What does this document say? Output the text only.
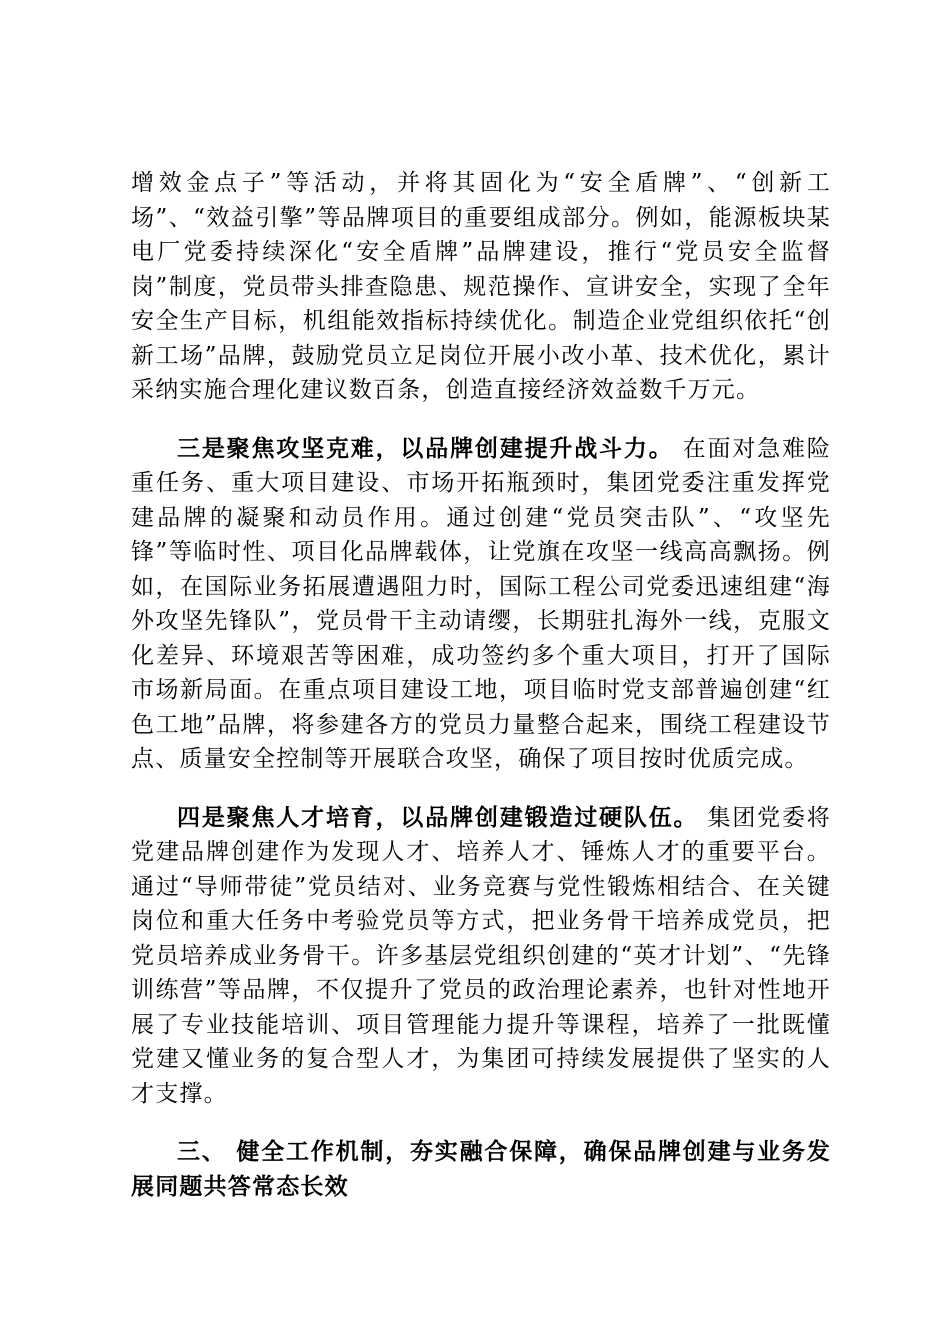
增效金点子”等活动，并将其固化为“安全盾牌”、“创新工场”、“效益引擎”等品牌项目的重要组成部分。例如，能源板块某电厂党委持续深化“安全盾牌”品牌建设，推行“党员安全监督岗”制度，党员带头排查隐患、规范操作、宣讲安全，实现了全年安全生产目标，机组能效指标持续优化。制造企业党组织依托“创新工场”品牌，鼓励党员立足岗位开展小改小革、技术优化，累计采纳实施合理化建议数百条，创造直接经济效益数千万元。

三是聚焦攻坚克难，以品牌创建提升战斗力。 在面对急难险重任务、重大项目建设、市场开拓瓶颈时，集团党委注重发挥党建品牌的凝聚和动员作用。通过创建“党员突击队”、“攻坚先锋”等临时性、项目化品牌载体，让党旗在攻坚一线高高飘扬。例如，在国际业务拓展遭遇阻力时，国际工程公司党委迅速组建“海外攻坚先锋队”，党员骨干主动请缨，长期驻扎海外一线，克服文化差异、环境艰苦等困难，成功签约多个重大项目，打开了国际市场新局面。在重点项目建设工地，项目临时党支部普遍创建“红色工地”品牌，将参建各方的党员力量整合起来，围绕工程建设节点、质量安全控制等开展联合攻坚，确保了项目按时优质完成。

四是聚焦人才培育，以品牌创建锻造过硬队伍。 集团党委将党建品牌创建作为发现人才、培养人才、锤炼人才的重要平台。通过“导师带徒”党员结对、业务竞赛与党性锻炼相结合、在关键岗位和重大任务中考验党员等方式，把业务骨干培养成党员，把党员培养成业务骨干。许多基层党组织创建的“英才计划”、“先锋训练营”等品牌，不仅提升了党员的政治理论素养，也针对性地开展了专业技能培训、项目管理能力提升等课程，培养了一批既懂党建又懂业务的复合型人才，为集团可持续发展提供了坚实的人才支撑。

三、 健全工作机制，夯实融合保障，确保品牌创建与业务发展同题共答常态长效
